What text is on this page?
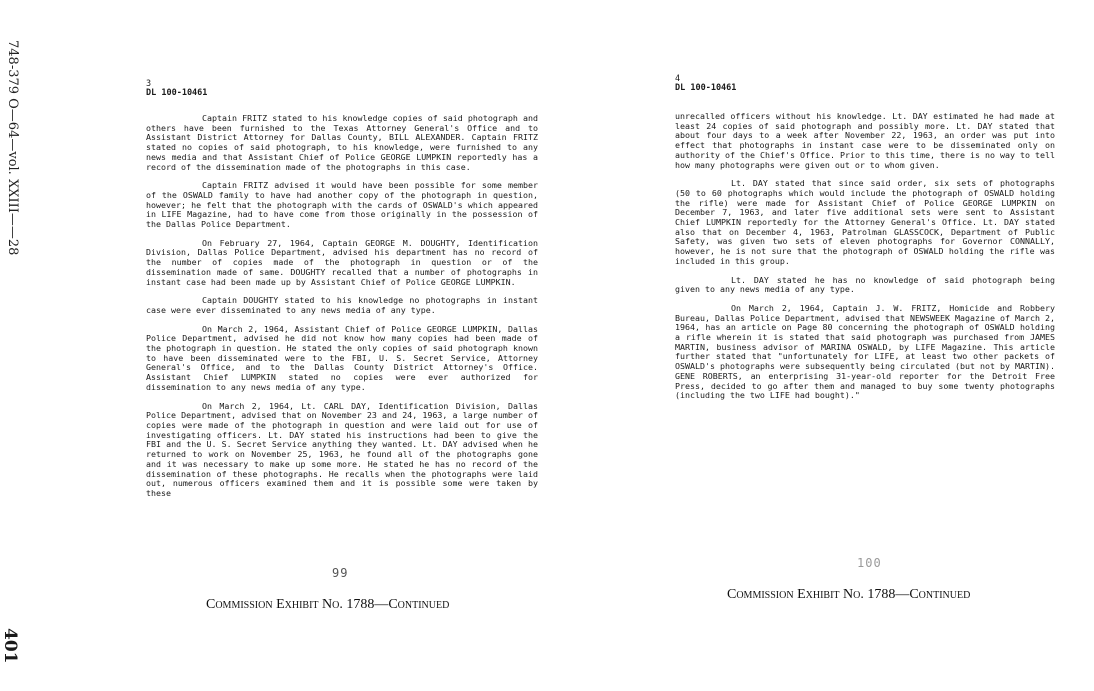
748-379 O—64—vol. XXIII——28
401
3
DL 100-10461

Captain FRITZ stated to his knowledge copies of said photograph and others have been furnished to the Texas Attorney General's Office and to Assistant District Attorney for Dallas County, BILL ALEXANDER. Captain FRITZ stated no copies of said photograph, to his knowledge, were furnished to any news media and that Assistant Chief of Police GEORGE LUMPKIN reportedly has a record of the dissemination made of the photographs in this case.

Captain FRITZ advised it would have been possible for some member of the OSWALD family to have had another copy of the photograph in question, however; he felt that the photograph with the cards of OSWALD's which appeared in LIFE Magazine, had to have come from those originally in the possession of the Dallas Police Department.

On February 27, 1964, Captain GEORGE M. DOUGHTY, Identification Division, Dallas Police Department, advised his department has no record of the number of copies made of the photograph in question or of the dissemination made of same. DOUGHTY recalled that a number of photographs in instant case had been made up by Assistant Chief of Police GEORGE LUMPKIN.

Captain DOUGHTY stated to his knowledge no photographs in instant case were ever disseminated to any news media of any type.

On March 2, 1964, Assistant Chief of Police GEORGE LUMPKIN, Dallas Police Department, advised he did not know how many copies had been made of the photograph in question. He stated the only copies of said photograph known to have been disseminated were to the FBI, U. S. Secret Service, Attorney General's Office, and to the Dallas County District Attorney's Office. Assistant Chief LUMPKIN stated no copies were ever authorized for dissemination to any news media of any type.

On March 2, 1964, Lt. CARL DAY, Identification Division, Dallas Police Department, advised that on November 23 and 24, 1963, a large number of copies were made of the photograph in question and were laid out for use of investigating officers. Lt. DAY stated his instructions had been to give the FBI and the U. S. Secret Service anything they wanted. Lt. DAY advised when he returned to work on November 25, 1963, he found all of the photographs gone and it was necessary to make up some more. He stated he has no record of the dissemination of these photographs. He recalls when the photographs were laid out, numerous officers examined them and it is possible some were taken by these

4
DL 100-10461

unrecalled officers without his knowledge. Lt. DAY estimated he had made at least 24 copies of said photograph and possibly more. Lt. DAY stated that about four days to a week after November 22, 1963, an order was put into effect that photographs in instant case were to be disseminated only on authority of the Chief's Office. Prior to this time, there is no way to tell how many photographs were given out or to whom given.

Lt. DAY stated that since said order, six sets of photographs (50 to 60 photographs which would include the photograph of OSWALD holding the rifle) were made for Assistant Chief of Police GEORGE LUMPKIN on December 7, 1963, and later five additional sets were sent to Assistant Chief LUMPKIN reportedly for the Attorney General's Office. Lt. DAY stated also that on December 4, 1963, Patrolman GLASSCOCK, Department of Public Safety, was given two sets of eleven photographs for Governor CONNALLY, however, he is not sure that the photograph of OSWALD holding the rifle was included in this group.

Lt. DAY stated he has no knowledge of said photograph being given to any news media of any type.

On March 2, 1964, Captain J. W. FRITZ, Homicide and Robbery Bureau, Dallas Police Department, advised that NEWSWEEK Magazine of March 2, 1964, has an article on Page 80 concerning the photograph of OSWALD holding a rifle wherein it is stated that said photograph was purchased from JAMES MARTIN, business advisor of MARINA OSWALD, by LIFE Magazine. This article further stated that "unfortunately for LIFE, at least two other packets of OSWALD's photographs were subsequently being circulated (but not by MARTIN). GENE ROBERTS, an enterprising 31-year-old reporter for the Detroit Free Press, decided to go after them and managed to buy some twenty photographs (including the two LIFE had bought)."

99
100
Commission Exhibit No. 1788—Continued
Commission Exhibit No. 1788—Continued
